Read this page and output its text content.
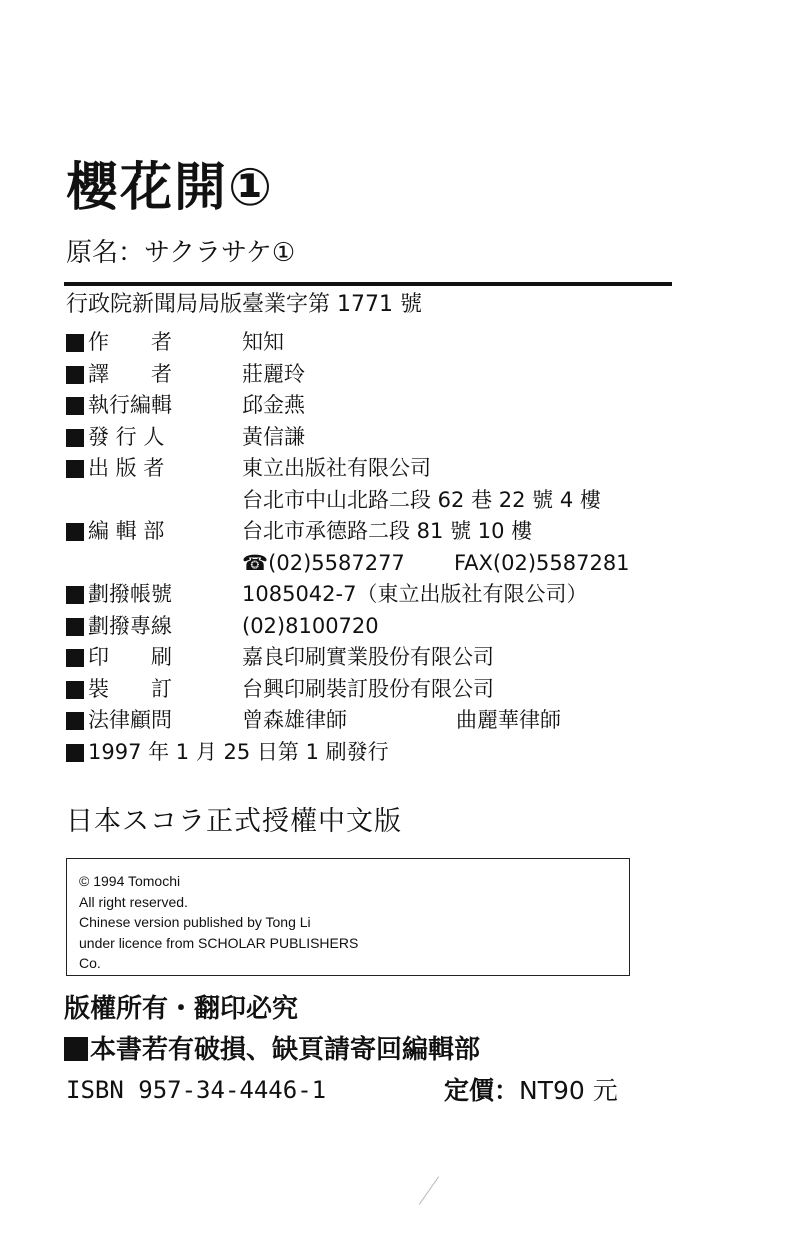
櫻花開①
原名：サクラサケ①
行政院新聞局局版臺業字第 1771 號
作　　者	知知
譯　　者	莊麗玲
執行編輯	邱金燕
發 行 人	黃信謙
出 版 者	東立出版社有限公司
台北市中山北路二段 62 巷 22 號 4 樓
編 輯 部	台北市承德路二段 81 號 10 樓
☎(02)5587277 FAX(02)5587281
劃撥帳號	1085042-7（東立出版社有限公司）
劃撥專線	(02)8100720
印　　刷	嘉良印刷實業股份有限公司
裝　　訂	台興印刷裝訂股份有限公司
法律顧問	曾森雄律師	曲麗華律師
1997 年 1 月 25 日第 1 刷發行
日本スコラ正式授權中文版
© 1994 Tomochi
All right reserved.
Chinese version published by Tong Li
under licence from SCHOLAR PUBLISHERS
Co.
版權所有・翻印必究
本書若有破損、缺頁請寄回編輯部
ISBN 957-34-4446-1	定價：NT90 元
